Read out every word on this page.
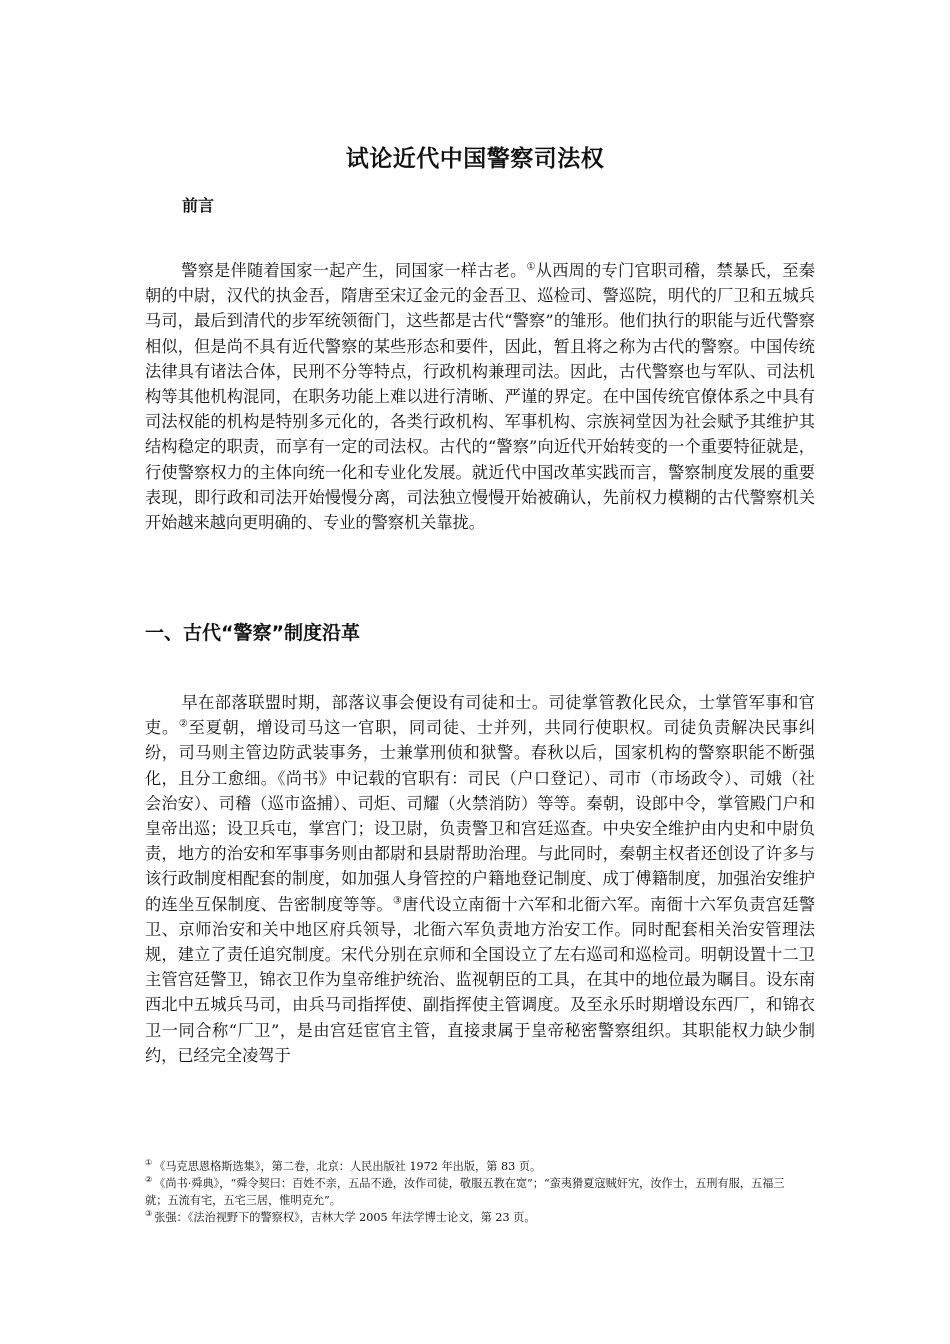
试论近代中国警察司法权
前言

警察是伴随着国家一起产生，同国家一样古老。①从西周的专门官职司稽，禁暴氏，至秦朝的中尉，汉代的执金吾，隋唐至宋辽金元的金吾卫、巡检司、警巡院，明代的厂卫和五城兵马司，最后到清代的步军统领衙门，这些都是古代“警察”的雏形。他们执行的职能与近代警察相似，但是尚不具有近代警察的某些形态和要件，因此，暂且将之称为古代的警察。中国传统法律具有诸法合体，民刑不分等特点，行政机构兼理司法。因此，古代警察也与军队、司法机构等其他机构混同，在职务功能上难以进行清晰、严谨的界定。在中国传统官僚体系之中具有司法权能的机构是特别多元化的，各类行政机构、军事机构、宗族祠堂因为社会赋予其维护其结构稳定的职责，而享有一定的司法权。古代的“警察”向近代开始转变的一个重要特征就是，行使警察权力的主体向统一化和专业化发展。就近代中国改革实践而言，警察制度发展的重要表现，即行政和司法开始慢慢分离，司法独立慢慢开始被确认，先前权力模糊的古代警察机关开始越来越向更明确的、专业的警察机关靠拢。

一、古代“警察”制度沿革

早在部落联盟时期，部落议事会便设有司徒和士。司徒掌管教化民众，士掌管军事和官吏。②至夏朝，增设司马这一官职，同司徒、士并列，共同行使职权。司徒负责解决民事纠纷，司马则主管边防武装事务，士兼掌刑侦和狱警。春秋以后，国家机构的警察职能不断强化，且分工愈细。《尚书》中记载的官职有：司民（户口登记）、司市（市场政令）、司娥（社会治安）、司稽（巡市盗捕）、司炬、司耀（火禁消防）等等。秦朝，设郎中令，掌管殿门户和皇帝出巡；设卫兵屯，掌宫门；设卫尉，负责警卫和宫廷巡查。中央安全维护由内史和中尉负责，地方的治安和军事事务则由都尉和县尉帮助治理。与此同时，秦朝主权者还创设了许多与该行政制度相配套的制度，如加强人身管控的户籍地登记制度、成丁傅籍制度，加强治安维护的连坐互保制度、告密制度等等。③唐代设立南衙十六军和北衙六军。南衙十六军负责宫廷警卫、京师治安和关中地区府兵领导，北衙六军负责地方治安工作。同时配套相关治安管理法规，建立了责任追究制度。宋代分别在京师和全国设立了左右巡司和巡检司。明朝设置十二卫主管宫廷警卫，锦衣卫作为皇帝维护统治、监视朝臣的工具，在其中的地位最为瞩目。设东南西北中五城兵马司，由兵马司指挥使、副指挥使主管调度。及至永乐时期增设东西厂，和锦衣卫一同合称“厂卫”，是由宫廷宦官主管，直接隶属于皇帝秘密警察组织。其职能权力缺少制约，已经完全凌驾于

① 《马克思恩格斯选集》，第二卷，北京：人民出版社 1972 年出版，第 83 页。
② 《尚书·舜典》，“舜令契曰：百姓不亲，五品不逊，汝作司徒，敬服五教在宽”；“蛮夷猾夏寇贼奸宄，汝作士，五刑有服，五福三就；五流有宅，五宅三居，惟明克允”。
③ 张强：《法治视野下的警察权》，吉林大学 2005 年法学博士论文，第 23 页。
